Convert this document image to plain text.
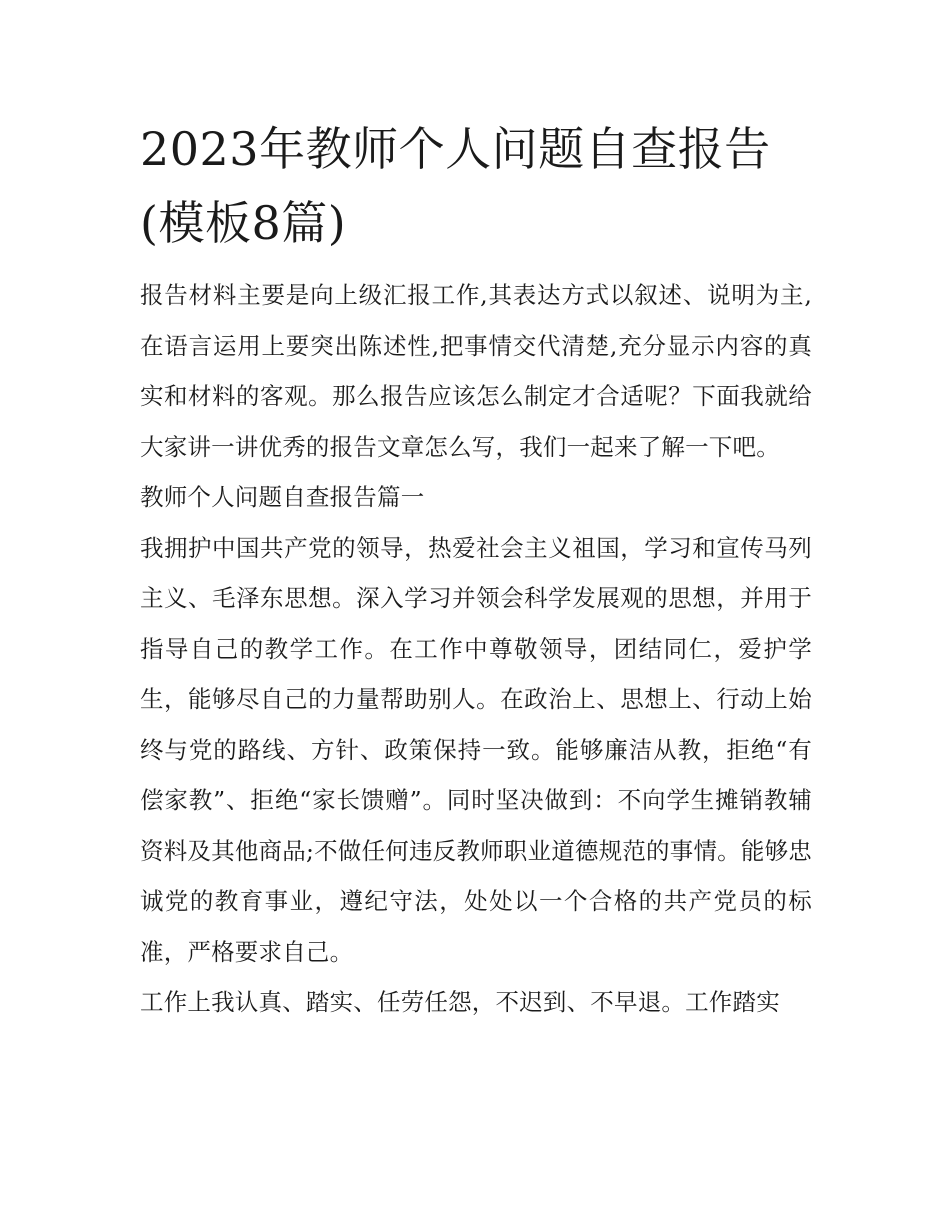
2023年教师个人问题自查报告(模板8篇)

报告材料主要是向上级汇报工作,其表达方式以叙述、说明为主,在语言运用上要突出陈述性,把事情交代清楚,充分显示内容的真实和材料的客观。那么报告应该怎么制定才合适呢？下面我就给大家讲一讲优秀的报告文章怎么写，我们一起来了解一下吧。

教师个人问题自查报告篇一

我拥护中国共产党的领导，热爱社会主义祖国，学习和宣传马列主义、毛泽东思想。深入学习并领会科学发展观的思想，并用于指导自己的教学工作。在工作中尊敬领导，团结同仁，爱护学生，能够尽自己的力量帮助别人。在政治上、思想上、行动上始终与党的路线、方针、政策保持一致。能够廉洁从教，拒绝“有偿家教”、拒绝“家长馈赠”。同时坚决做到：不向学生摊销教辅资料及其他商品;不做任何违反教师职业道德规范的事情。能够忠诚党的教育事业，遵纪守法，处处以一个合格的共产党员的标准，严格要求自己。

工作上我认真、踏实、任劳任怨，不迟到、不早退。工作踏实
